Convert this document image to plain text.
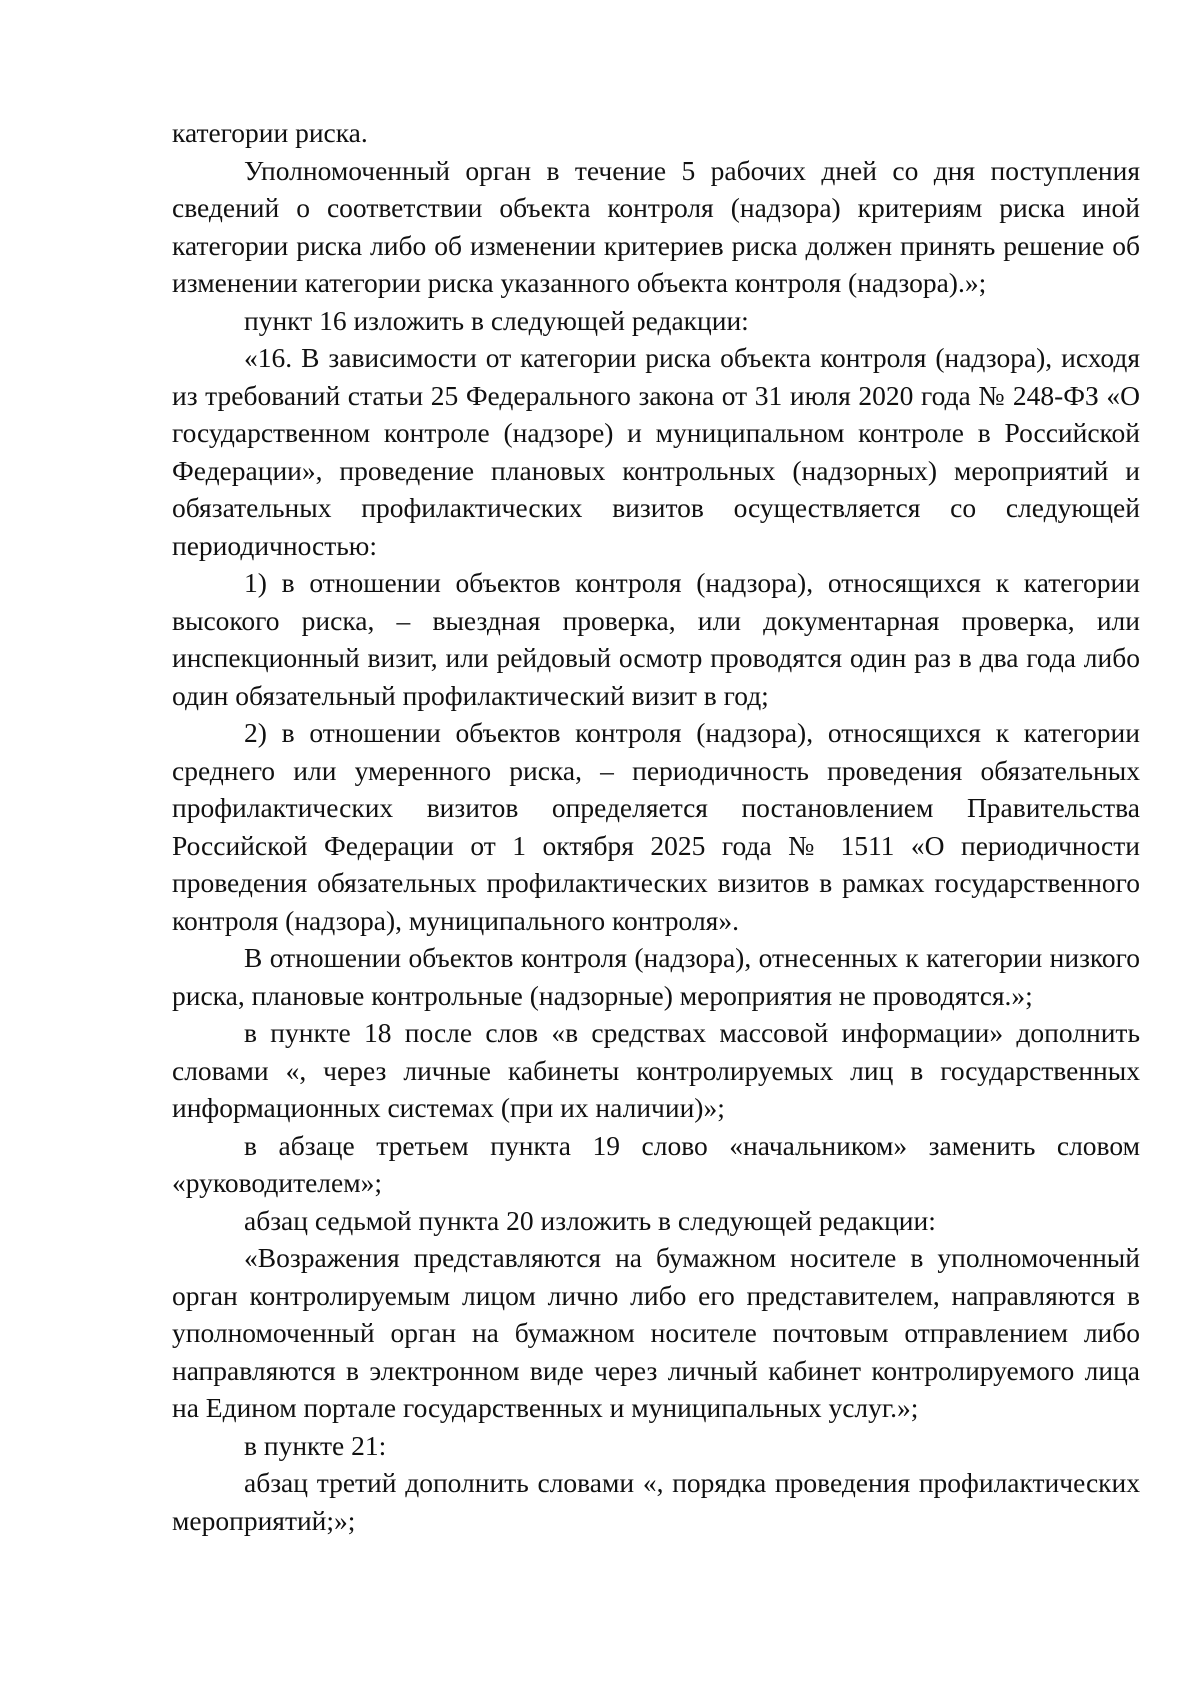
категории риска.

Уполномоченный орган в течение 5 рабочих дней со дня поступления сведений о соответствии объекта контроля (надзора) критериям риска иной категории риска либо об изменении критериев риска должен принять решение об изменении категории риска указанного объекта контроля (надзора).»;

пункт 16 изложить в следующей редакции:

«16. В зависимости от категории риска объекта контроля (надзора), исходя из требований статьи 25 Федерального закона от 31 июля 2020 года № 248-ФЗ «О государственном контроле (надзоре) и муниципальном контроле в Российской Федерации», проведение плановых контрольных (надзорных) мероприятий и обязательных профилактических визитов осуществляется со следующей периодичностью:

1) в отношении объектов контроля (надзора), относящихся к категории высокого риска, – выездная проверка, или документарная проверка, или инспекционный визит, или рейдовый осмотр проводятся один раз в два года либо один обязательный профилактический визит в год;

2) в отношении объектов контроля (надзора), относящихся к категории среднего или умеренного риска, – периодичность проведения обязательных профилактических визитов определяется постановлением Правительства Российской Федерации от 1 октября 2025 года № 1511 «О периодичности проведения обязательных профилактических визитов в рамках государственного контроля (надзора), муниципального контроля».

В отношении объектов контроля (надзора), отнесенных к категории низкого риска, плановые контрольные (надзорные) мероприятия не проводятся.»;

в пункте 18 после слов «в средствах массовой информации» дополнить словами «, через личные кабинеты контролируемых лиц в государственных информационных системах (при их наличии)»;

в абзаце третьем пункта 19 слово «начальником» заменить словом «руководителем»;

абзац седьмой пункта 20 изложить в следующей редакции:

«Возражения представляются на бумажном носителе в уполномоченный орган контролируемым лицом лично либо его представителем, направляются в уполномоченный орган на бумажном носителе почтовым отправлением либо направляются в электронном виде через личный кабинет контролируемого лица на Едином портале государственных и муниципальных услуг.»;

в пункте 21:

абзац третий дополнить словами «, порядка проведения профилактических мероприятий;»;
